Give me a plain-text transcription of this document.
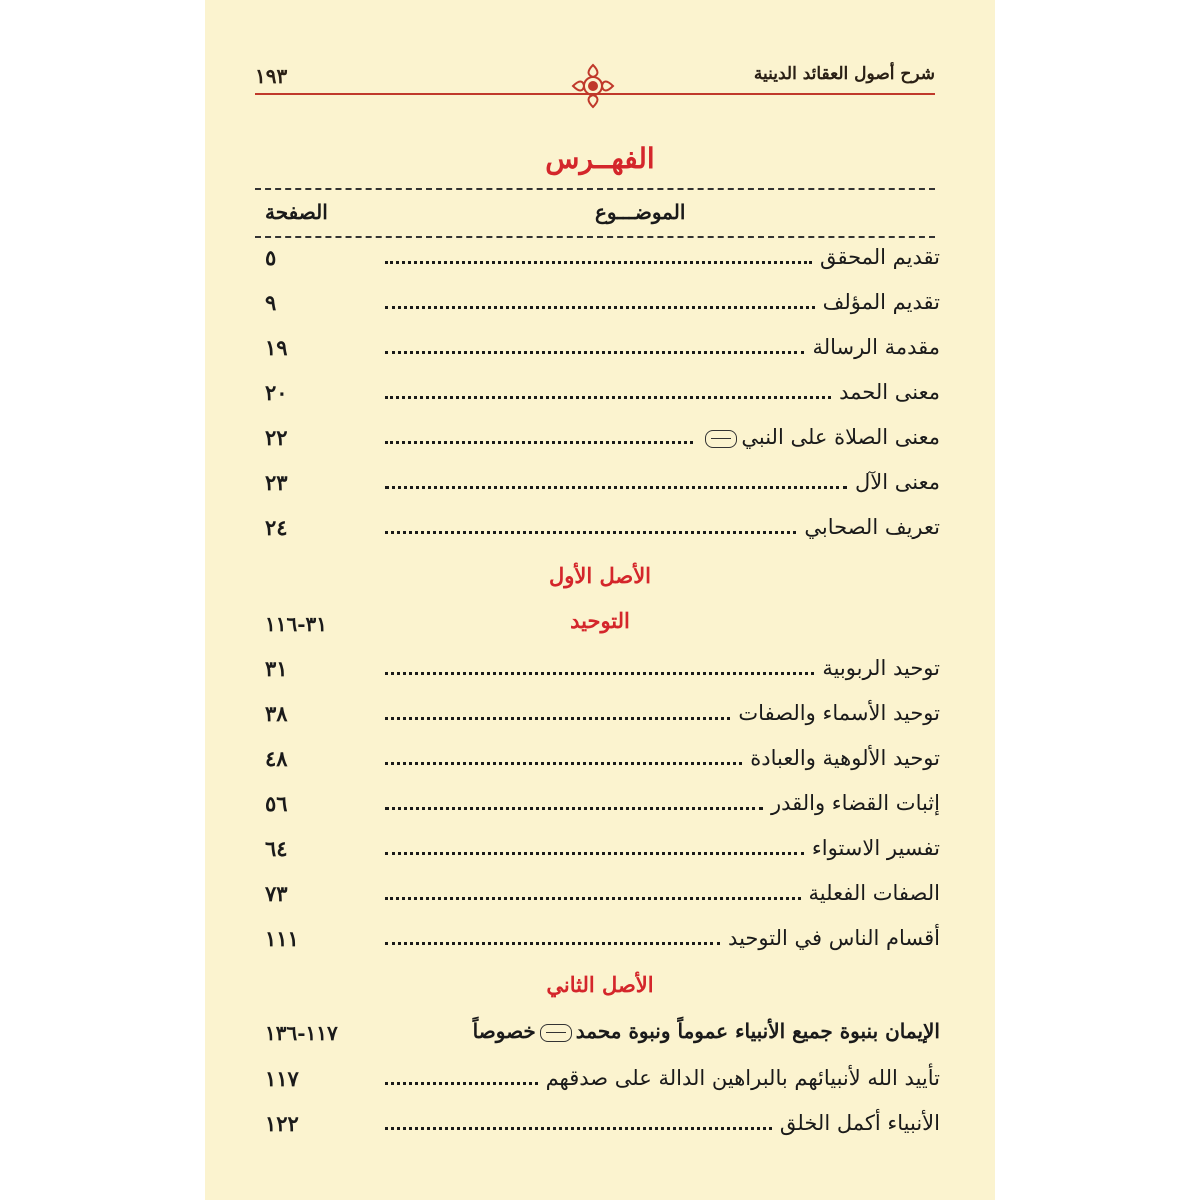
شرح أصول العقائد الدينية
١٩٣
الفهــرس
الموضـــوع
الصفحة
تقديم المحقق
٥
تقديم المؤلف
٩
مقدمة الرسالة
١٩
معنى الحمد
٢٠
معنى الصلاة على النبي
٢٢
معنى الآل
٢٣
تعريف الصحابي
٢٤
الأصل الأول
التوحيد
٣١-١١٦
توحيد الربوبية
٣١
توحيد الأسماء والصفات
٣٨
توحيد الألوهية والعبادة
٤٨
إثبات القضاء والقدر
٥٦
تفسير الاستواء
٦٤
الصفات الفعلية
٧٣
أقسام الناس في التوحيد
١١١
الأصل الثاني
الإيمان بنبوة جميع الأنبياء عموماً ونبوة محمدخصوصاً
١١٧-١٣٦
تأييد الله لأنبيائهم بالبراهين الدالة على صدقهم
١١٧
الأنبياء أكمل الخلق
١٢٢
